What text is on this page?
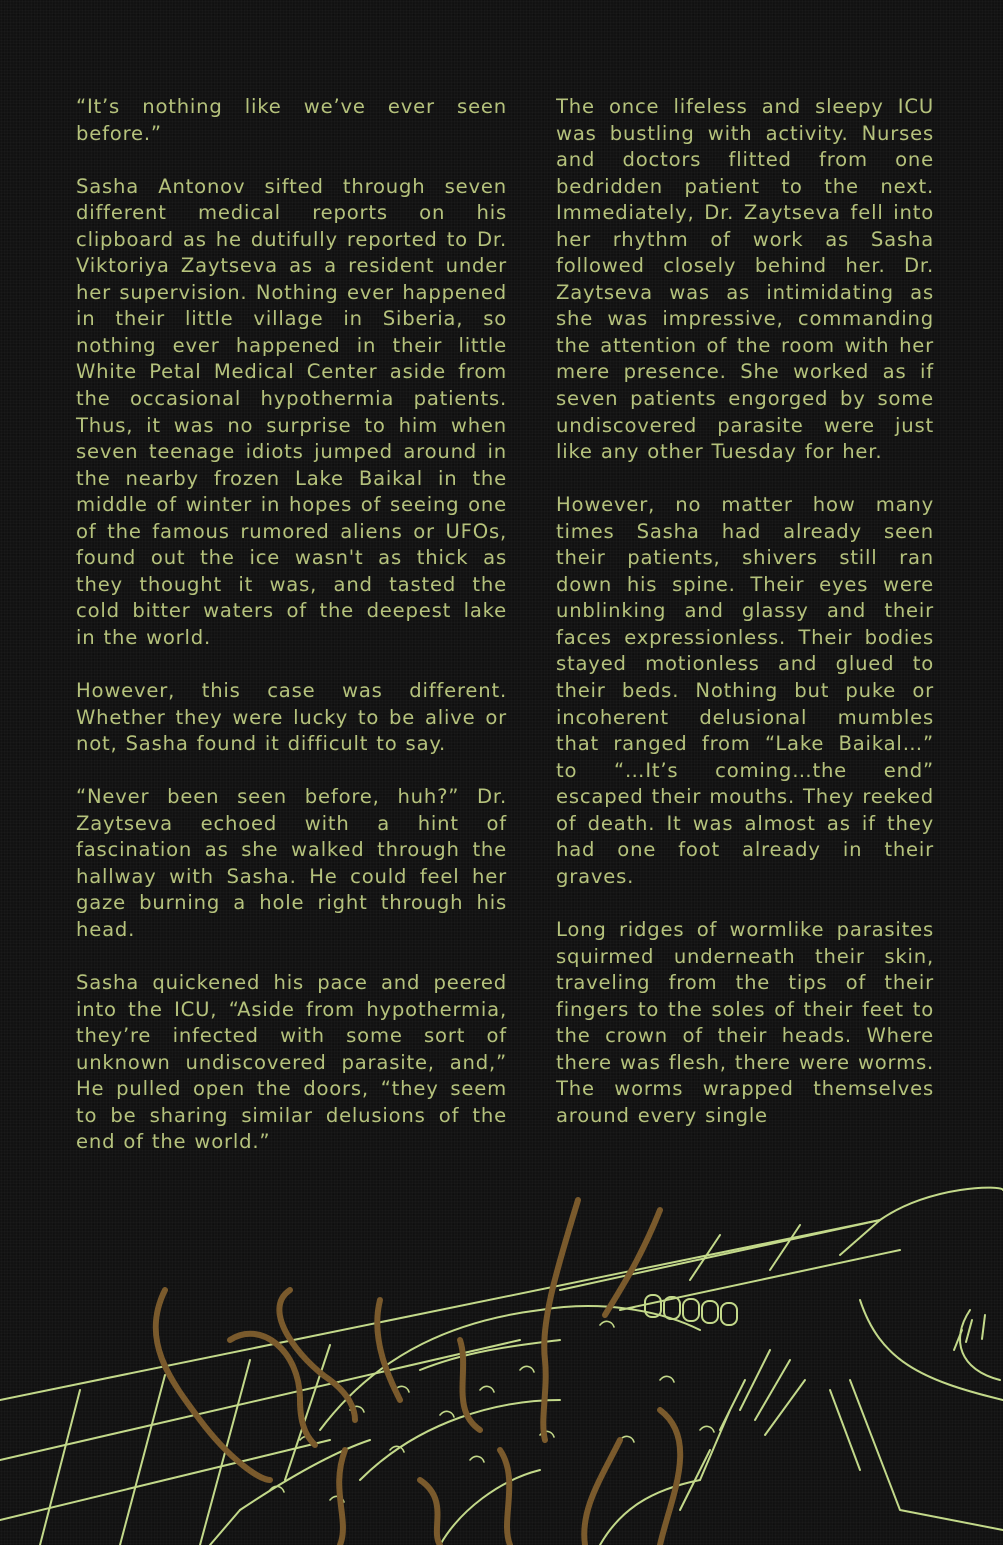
“It’s nothing like we’ve ever seen before.”

Sasha Antonov sifted through seven different medical reports on his clipboard as he dutifully reported to Dr. Viktoriya Zaytseva as a resident under her supervision. Nothing ever happened in their little village in Siberia, so nothing ever happened in their little White Petal Medical Center aside from the occasional hypothermia patients. Thus, it was no surprise to him when seven teenage idiots jumped around in the nearby frozen Lake Baikal in the middle of winter in hopes of seeing one of the famous rumored aliens or UFOs, found out the ice wasn't as thick as they thought it was, and tasted the cold bitter waters of the deepest lake in the world.

However, this case was different. Whether they were lucky to be alive or not, Sasha found it difficult to say.

“Never been seen before, huh?” Dr. Zaytseva echoed with a hint of fascination as she walked through the hallway with Sasha. He could feel her gaze burning a hole right through his head.

Sasha quickened his pace and peered into the ICU, “Aside from hypothermia, they’re infected with some sort of unknown undiscovered parasite, and,” He pulled open the doors, “they seem to be sharing similar delusions of the end of the world.”

The once lifeless and sleepy ICU was bustling with activity. Nurses and doctors flitted from one bedridden patient to the next. Immediately, Dr. Zaytseva fell into her rhythm of work as Sasha followed closely behind her. Dr. Zaytseva was as intimidating as she was impressive, commanding the attention of the room with her mere presence. She worked as if seven patients engorged by some undiscovered parasite were just like any other Tuesday for her.

However, no matter how many times Sasha had already seen their patients, shivers still ran down his spine. Their eyes were unblinking and glassy and their faces expressionless. Their bodies stayed motionless and glued to their beds. Nothing but puke or incoherent delusional mumbles that ranged from “Lake Baikal…” to “…It’s coming…the end” escaped their mouths. They reeked of death. It was almost as if they had one foot already in their graves.

Long ridges of wormlike parasites squirmed underneath their skin, traveling from the tips of their fingers to the soles of their feet to the crown of their heads. Where there was flesh, there were worms. The worms wrapped themselves around every single
